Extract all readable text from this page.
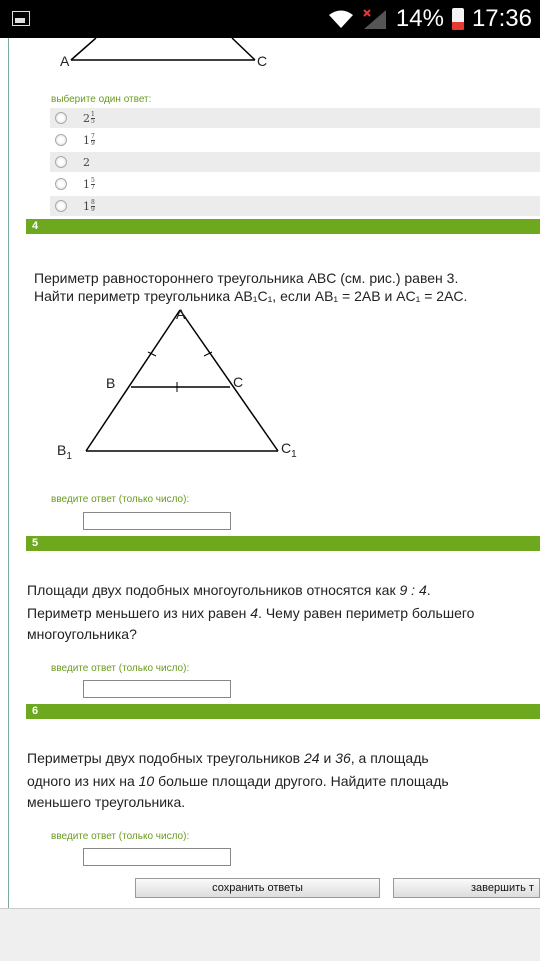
14% 17:36
A	C
выберите один ответ:
$2 \frac{1}{5}$
$1 \frac{7}{9}$
2
$1 \frac{5}{7}$
$1 \frac{8}{9}$
4
Периметр равностороннего треугольника ABC (см. рис.) равен 3.
Найти периметр треугольника AB₁C₁, если AB₁ = 2AB и AC₁ = 2AC.
A
B	C
$B_1$
$C_1$
введите ответ (только число):
5
Площади двух подобных многоугольников относятся как 9 : 4.
Периметр меньшего из них равен 4. Чему равен периметр большего
многоугольника?
введите ответ (только число):
6
Периметры двух подобных треугольников 24 и 36, а площадь
одного из них на 10 больше площади другого. Найдите площадь
меньшего треугольника.
введите ответ (только число):
сохранить ответы	завершить т
